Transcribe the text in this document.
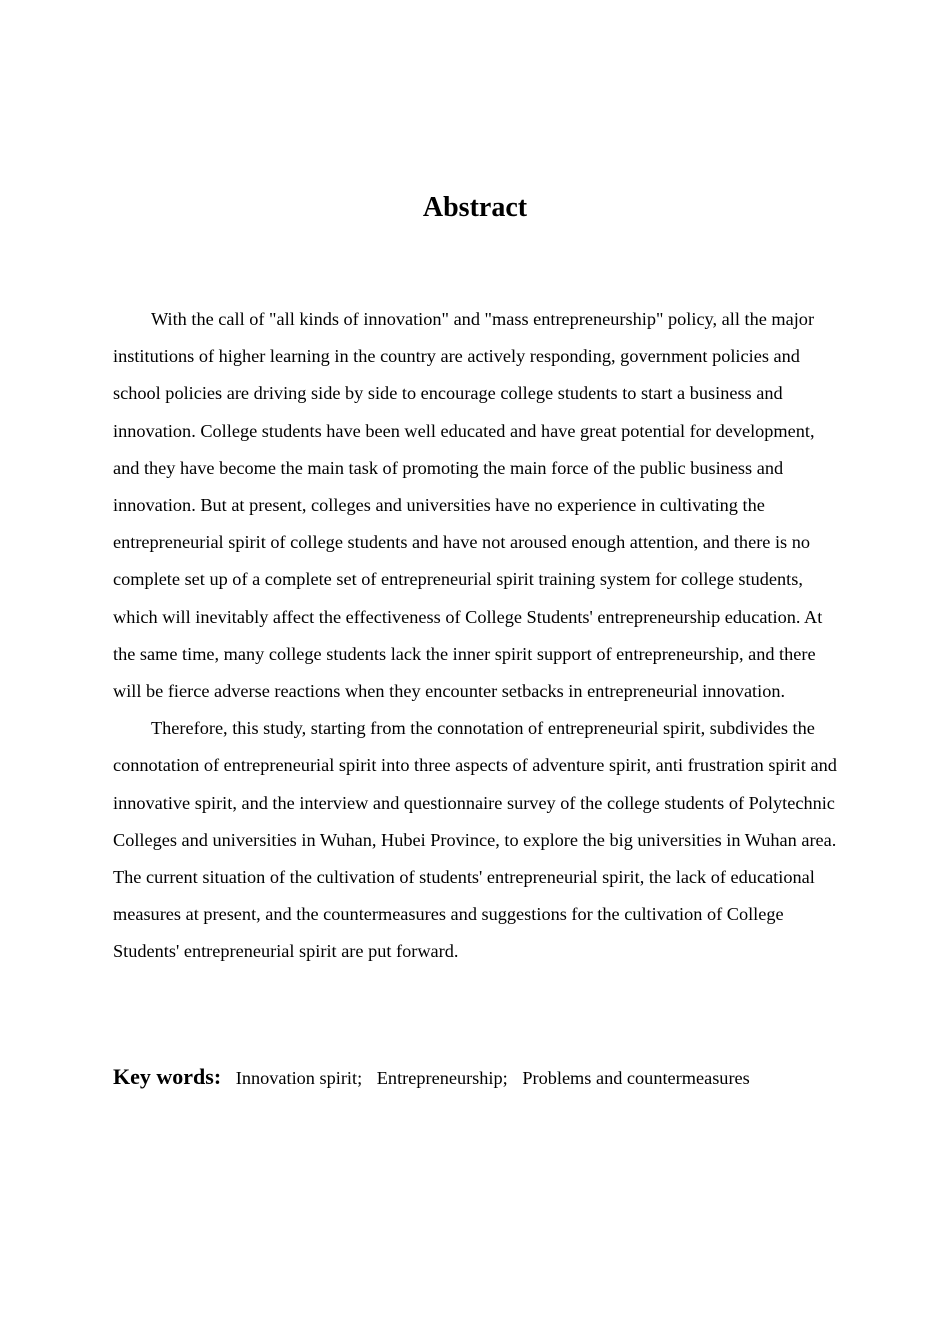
Abstract

With the call of "all kinds of innovation" and "mass entrepreneurship" policy, all the major institutions of higher learning in the country are actively responding, government policies and school policies are driving side by side to encourage college students to start a business and innovation. College students have been well educated and have great potential for development, and they have become the main task of promoting the main force of the public business and innovation. But at present, colleges and universities have no experience in cultivating the entrepreneurial spirit of college students and have not aroused enough attention, and there is no complete set up of a complete set of entrepreneurial spirit training system for college students, which will inevitably affect the effectiveness of College Students' entrepreneurship education. At the same time, many college students lack the inner spirit support of entrepreneurship, and there will be fierce adverse reactions when they encounter setbacks in entrepreneurial innovation.

Therefore, this study, starting from the connotation of entrepreneurial spirit, subdivides the connotation of entrepreneurial spirit into three aspects of adventure spirit, anti frustration spirit and innovative spirit, and the interview and questionnaire survey of the college students of Polytechnic Colleges and universities in Wuhan, Hubei Province, to explore the big universities in Wuhan area. The current situation of the cultivation of students' entrepreneurial spirit, the lack of educational measures at present, and the countermeasures and suggestions for the cultivation of College Students' entrepreneurial spirit are put forward.

Key words: Innovation spirit; Entrepreneurship; Problems and countermeasures
